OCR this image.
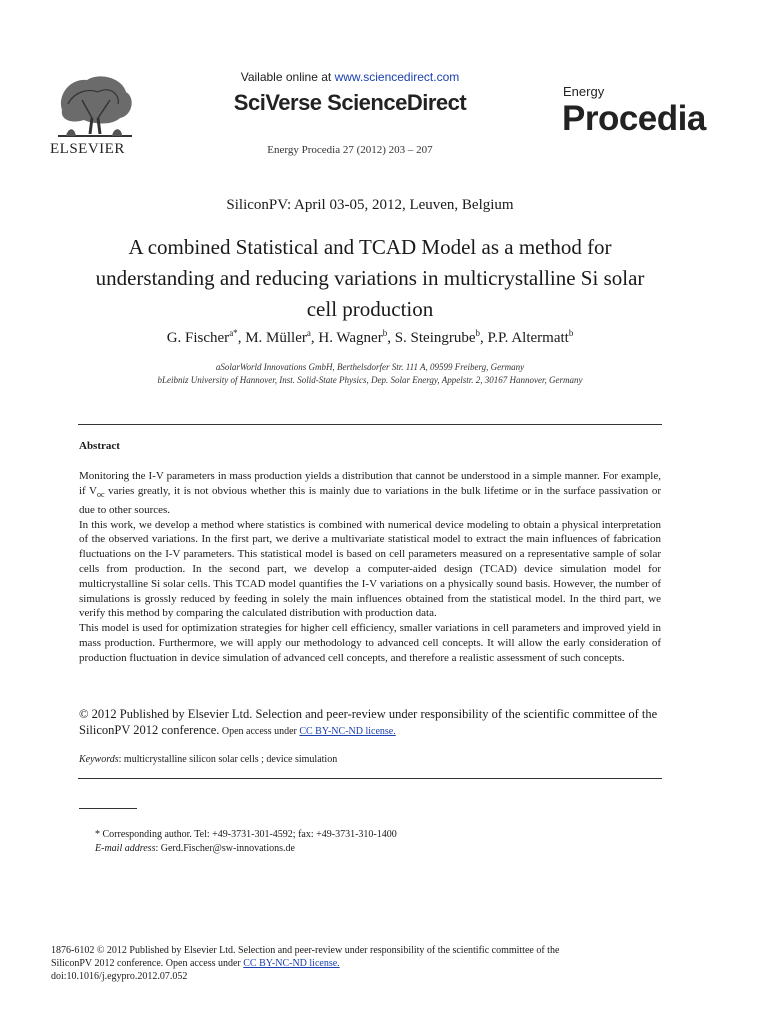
ELSEVIER
Vailable online at www.sciencedirect.com
SciVerse ScienceDirect
Energy Procedia 27 (2012) 203 – 207
Energy
Procedia
SiliconPV: April 03-05, 2012, Leuven, Belgium
A combined Statistical and TCAD Model as a method for understanding and reducing variations in multicrystalline Si solar cell production
G. Fischer$^{a*}$, M. Müller$^a$, H. Wagner$^b$, S. Steingrube$^b$, P.P. Altermatt$^b$
aSolarWorld Innovations GmbH, Berthelsdorfer Str. 111 A, 09599 Freiberg, Germany
bLeibniz University of Hannover, Inst. Solid-State Physics, Dep. Solar Energy, Appelstr. 2, 30167 Hannover, Germany
Abstract

Monitoring the I-V parameters in mass production yields a distribution that cannot be understood in a simple manner. For example, if $V_{oc}$ varies greatly, it is not obvious whether this is mainly due to variations in the bulk lifetime or in the surface passivation or due to other sources.

In this work, we develop a method where statistics is combined with numerical device modeling to obtain a physical interpretation of the observed variations. In the first part, we derive a multivariate statistical model to extract the main influences of fabrication fluctuations on the I-V parameters. This statistical model is based on cell parameters measured on a representative sample of solar cells from production. In the second part, we develop a computer-aided design (TCAD) device simulation model for multicrystalline Si solar cells. This TCAD model quantifies the I-V variations on a physically sound basis. However, the number of simulations is grossly reduced by feeding in solely the main influences obtained from the statistical model. In the third part, we verify this method by comparing the calculated distribution with production data.

This model is used for optimization strategies for higher cell efficiency, smaller variations in cell parameters and improved yield in mass production. Furthermore, we will apply our methodology to advanced cell concepts. It will allow the early consideration of production fluctuation in device simulation of advanced cell concepts, and therefore a realistic assessment of such concepts.

© 2012 Published by Elsevier Ltd. Selection and peer-review under responsibility of the scientific committee of the SiliconPV 2012 conference. Open access under CC BY-NC-ND license.
Keywords: multicrystalline silicon solar cells ; device simulation
* Corresponding author. Tel: +49-3731-301-4592; fax: +49-3731-310-1400
E-mail address: Gerd.Fischer@sw-innovations.de
1876-6102 © 2012 Published by Elsevier Ltd. Selection and peer-review under responsibility of the scientific committee of the
SiliconPV 2012 conference. Open access under CC BY-NC-ND license.
doi:10.1016/j.egypro.2012.07.052
